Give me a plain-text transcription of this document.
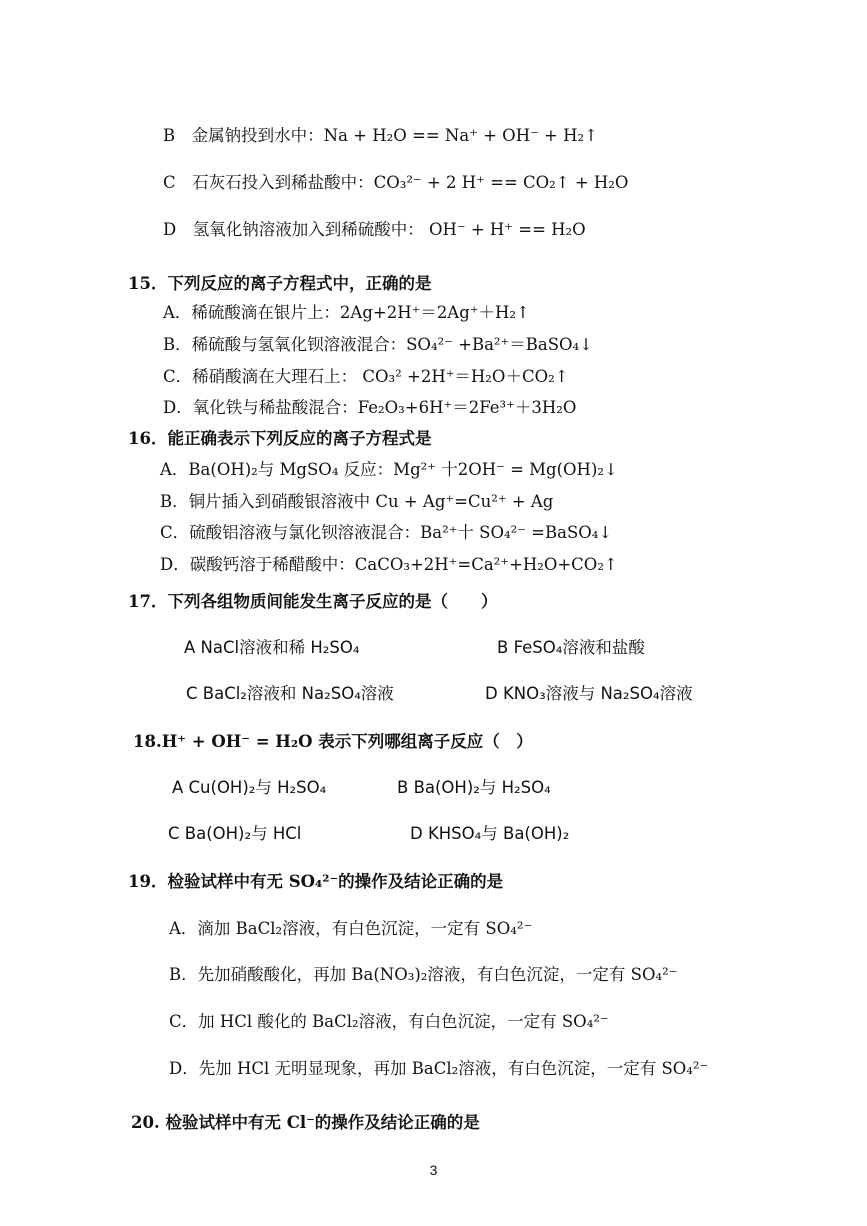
B　金属钠投到水中：Na + H₂O == Na⁺ + OH⁻ + H₂↑
C　石灰石投入到稀盐酸中：CO₃²⁻ + 2 H⁺ == CO₂↑ + H₂O
D　氢氧化钠溶液加入到稀硫酸中： OH⁻ + H⁺ == H₂O
15．下列反应的离子方程式中，正确的是
A．稀硫酸滴在银片上：2Ag+2H⁺＝2Ag⁺＋H₂↑
B．稀硫酸与氢氧化钡溶液混合：SO₄²⁻ +Ba²⁺＝BaSO₄↓
C．稀硝酸滴在大理石上： CO₃² +2H⁺＝H₂O＋CO₂↑
D．氧化铁与稀盐酸混合：Fe₂O₃+6H⁺＝2Fe³⁺＋3H₂O
16．能正确表示下列反应的离子方程式是
A．Ba(OH)₂与 MgSO₄ 反应：Mg²⁺ 十2OH⁻ = Mg(OH)₂↓
B．铜片插入到硝酸银溶液中 Cu + Ag⁺=Cu²⁺ + Ag
C．硫酸铝溶液与氯化钡溶液混合：Ba²⁺十 SO₄²⁻ =BaSO₄↓
D．碳酸钙溶于稀醋酸中：CaCO₃+2H⁺=Ca²⁺+H₂O+CO₂↑
17．下列各组物质间能发生离子反应的是（　　）
A NaCl溶液和稀 H₂SO₄	B FeSO₄溶液和盐酸
C BaCl₂溶液和 Na₂SO₄溶液	D KNO₃溶液与 Na₂SO₄溶液
18.H⁺ + OH⁻ = H₂O 表示下列哪组离子反应（　）
A Cu(OH)₂与 H₂SO₄	B Ba(OH)₂与 H₂SO₄
C Ba(OH)₂与 HCl	D KHSO₄与 Ba(OH)₂
19．检验试样中有无 SO₄²⁻的操作及结论正确的是
A．滴加 BaCl₂溶液，有白色沉淀，一定有 SO₄²⁻
B．先加硝酸酸化，再加 Ba(NO₃)₂溶液，有白色沉淀，一定有 SO₄²⁻
C．加 HCl 酸化的 BaCl₂溶液，有白色沉淀，一定有 SO₄²⁻
D．先加 HCl 无明显现象，再加 BaCl₂溶液，有白色沉淀，一定有 SO₄²⁻
20. 检验试样中有无 Cl⁻的操作及结论正确的是
3
